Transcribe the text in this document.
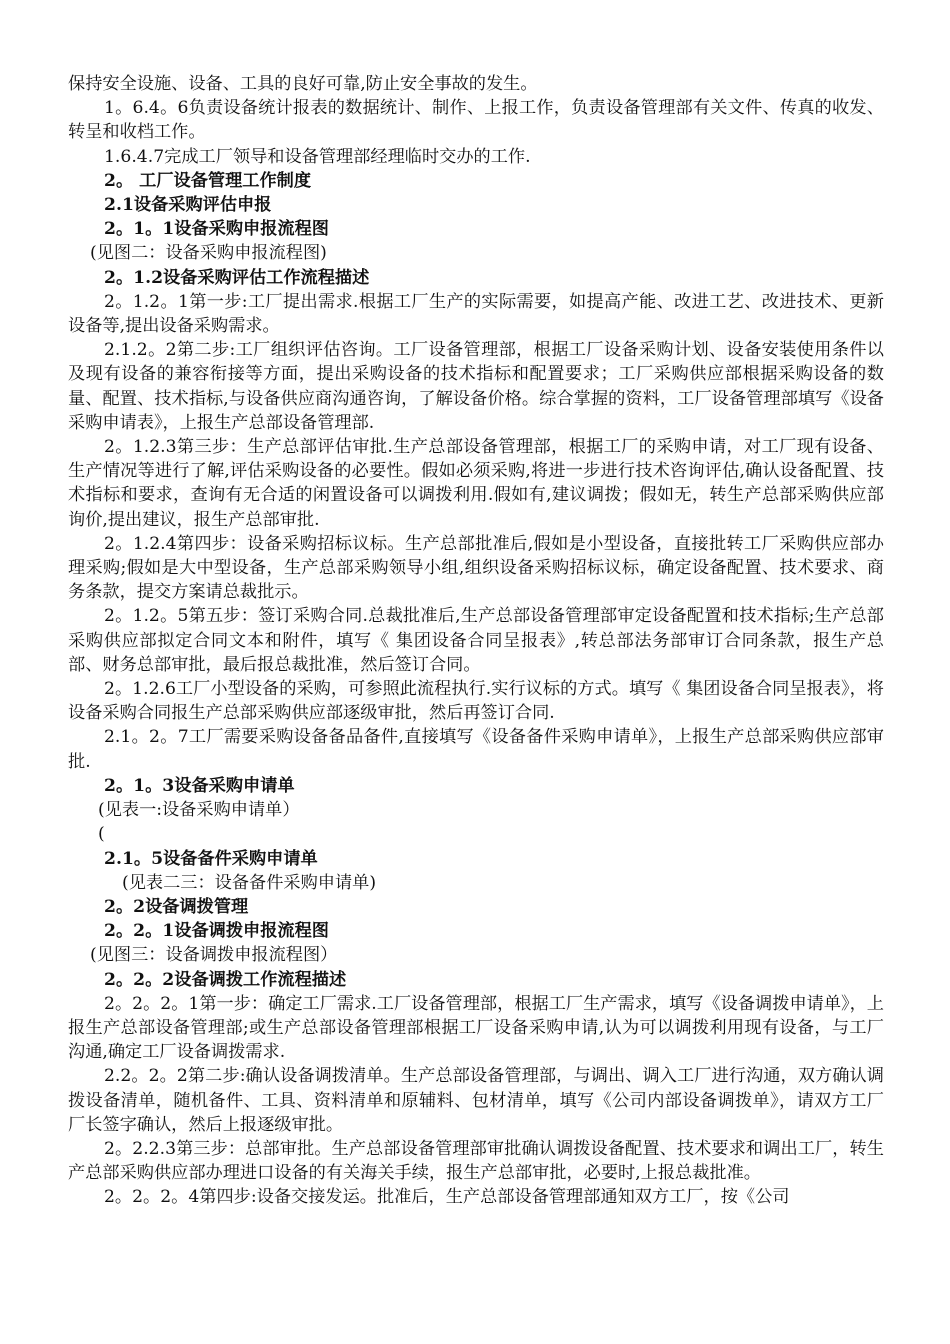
保持安全设施、设备、工具的良好可靠,防止安全事故的发生。

1。6.4。6负责设备统计报表的数据统计、制作、上报工作，负责设备管理部有关文件、传真的收发、转呈和收档工作。

1.6.4.7完成工厂领导和设备管理部经理临时交办的工作.

2。 工厂设备管理工作制度

2.1设备采购评估申报

2。1。1设备采购申报流程图

(见图二：设备采购申报流程图)

2。1.2设备采购评估工作流程描述

2。1.2。1第一步:工厂提出需求.根据工厂生产的实际需要，如提高产能、改进工艺、改进技术、更新设备等,提出设备采购需求。

2.1.2。2第二步:工厂组织评估咨询。工厂设备管理部，根据工厂设备采购计划、设备安装使用条件以及现有设备的兼容衔接等方面，提出采购设备的技术指标和配置要求；工厂采购供应部根据采购设备的数量、配置、技术指标,与设备供应商沟通咨询，了解设备价格。综合掌握的资料，工厂设备管理部填写《设备采购申请表》，上报生产总部设备管理部.

2。1.2.3第三步：生产总部评估审批.生产总部设备管理部，根据工厂的采购申请，对工厂现有设备、生产情况等进行了解,评估采购设备的必要性。假如必须采购,将进一步进行技术咨询评估,确认设备配置、技术指标和要求，查询有无合适的闲置设备可以调拨利用.假如有,建议调拨；假如无，转生产总部采购供应部询价,提出建议，报生产总部审批.

2。1.2.4第四步：设备采购招标议标。生产总部批准后,假如是小型设备，直接批转工厂采购供应部办理采购;假如是大中型设备，生产总部采购领导小组,组织设备采购招标议标，确定设备配置、技术要求、商务条款，提交方案请总裁批示。

2。1.2。5第五步：签订采购合同.总裁批准后,生产总部设备管理部审定设备配置和技术指标;生产总部采购供应部拟定合同文本和附件，填写《 集团设备合同呈报表》,转总部法务部审订合同条款，报生产总部、财务总部审批，最后报总裁批准，然后签订合同。

2。1.2.6工厂小型设备的采购，可参照此流程执行.实行议标的方式。填写《 集团设备合同呈报表》，将设备采购合同报生产总部采购供应部逐级审批，然后再签订合同.

2.1。2。7工厂需要采购设备备品备件,直接填写《设备备件采购申请单》，上报生产总部采购供应部审批.

2。1。3设备采购申请单

(见表一:设备采购申请单）

(

2.1。5设备备件采购申请单

(见表二三：设备备件采购申请单)

2。2设备调拨管理

2。2。1设备调拨申报流程图

(见图三：设备调拨申报流程图）

2。2。2设备调拨工作流程描述

2。2。2。1第一步：确定工厂需求.工厂设备管理部，根据工厂生产需求，填写《设备调拨申请单》，上报生产总部设备管理部;或生产总部设备管理部根据工厂设备采购申请,认为可以调拨利用现有设备，与工厂沟通,确定工厂设备调拨需求.

2.2。2。2第二步:确认设备调拨清单。生产总部设备管理部，与调出、调入工厂进行沟通，双方确认调拨设备清单，随机备件、工具、资料清单和原辅料、包材清单，填写《公司内部设备调拨单》，请双方工厂厂长签字确认，然后上报逐级审批。

2。2.2.3第三步：总部审批。生产总部设备管理部审批确认调拨设备配置、技术要求和调出工厂，转生产总部采购供应部办理进口设备的有关海关手续，报生产总部审批，必要时,上报总裁批准。

2。2。2。4第四步:设备交接发运。批准后，生产总部设备管理部通知双方工厂，按《公司
